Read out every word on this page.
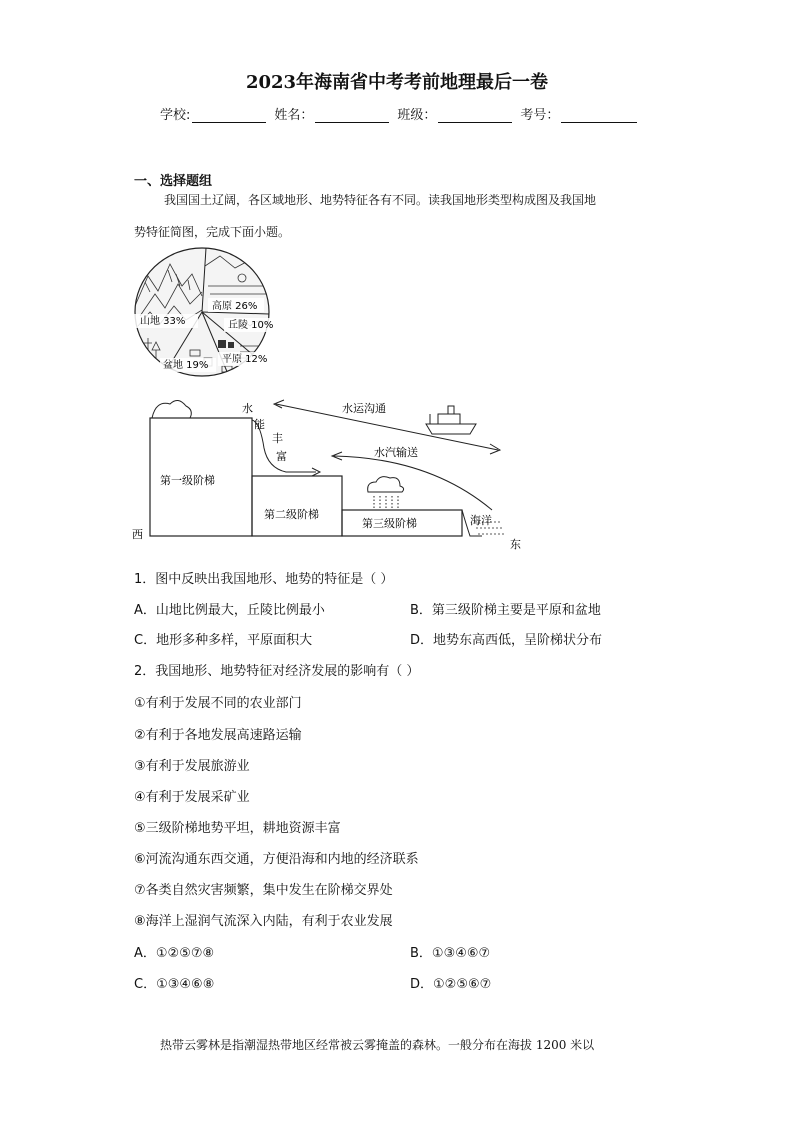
2023年海南省中考考前地理最后一卷
学校:	姓名：	班级：	考号：
一、选择题组
我国国土辽阔，各区域地形、地势特征各有不同。读我国地形类型构成图及我国地
势特征简图，完成下面小题。
高原 26%
丘陵 10%
山地 33%
平原 12%
盆地 19%
水运沟通
水汽输送
水
能
丰
富
第一级阶梯
第二级阶梯
第三级阶梯	海洋
西
东
1．图中反映出我国地形、地势的特征是（ ）
A．山地比例最大，丘陵比例最小	B．第三级阶梯主要是平原和盆地
C．地形多种多样，平原面积大	D．地势东高西低，呈阶梯状分布
2．我国地形、地势特征对经济发展的影响有（ ）
①有利于发展不同的农业部门
②有利于各地发展高速路运输
③有利于发展旅游业
④有利于发展采矿业
⑤三级阶梯地势平坦，耕地资源丰富
⑥河流沟通东西交通，方便沿海和内地的经济联系
⑦各类自然灾害频繁，集中发生在阶梯交界处
⑧海洋上湿润气流深入内陆，有利于农业发展
A．①②⑤⑦⑧	B．①③④⑥⑦
C．①③④⑥⑧	D．①②⑤⑥⑦
热带云雾林是指潮湿热带地区经常被云雾掩盖的森林。一般分布在海拔 1200 米以
